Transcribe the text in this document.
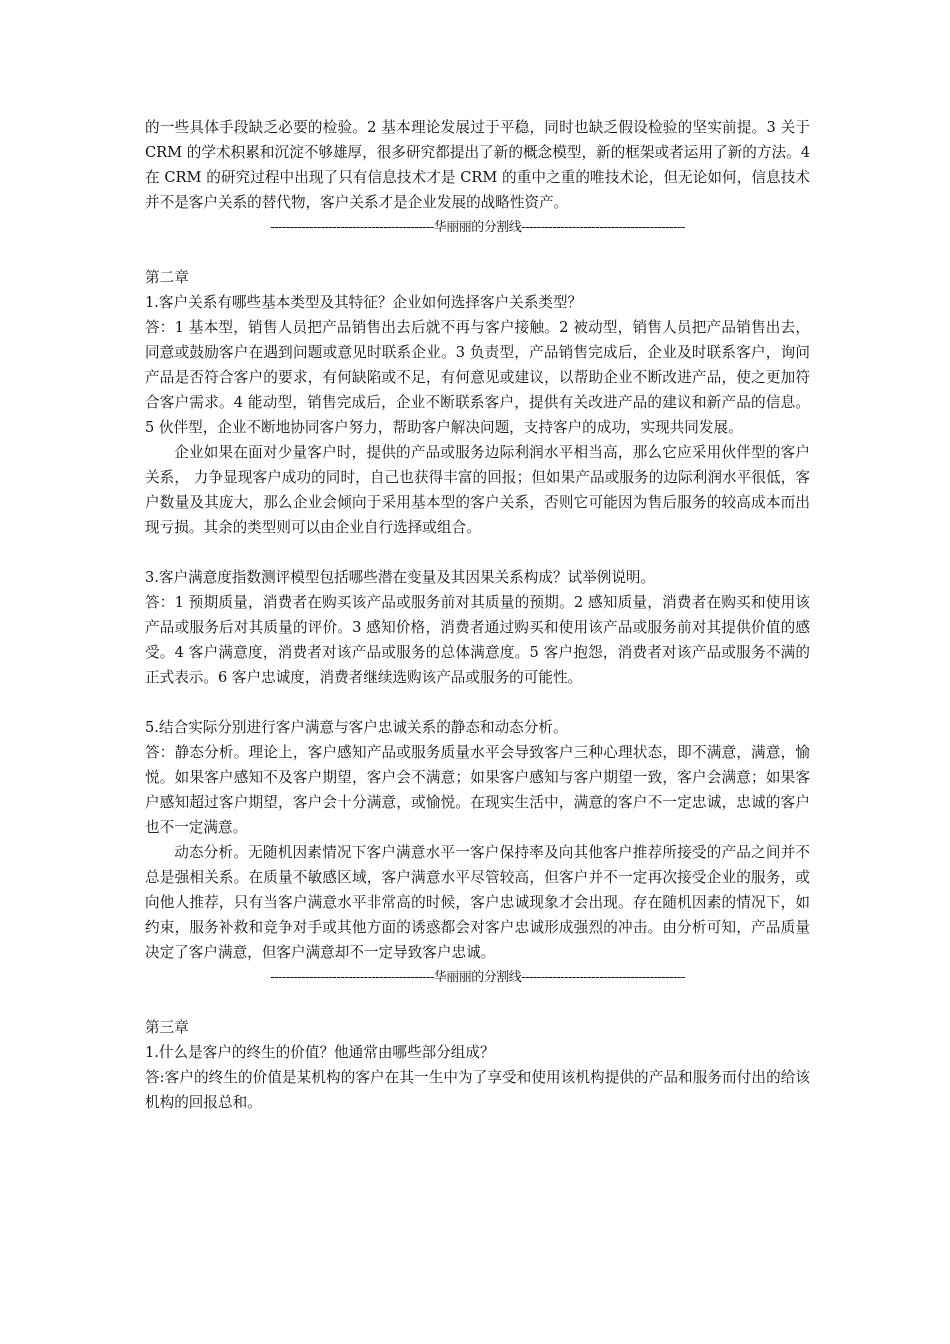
的一些具体手段缺乏必要的检验。2 基本理论发展过于平稳，同时也缺乏假设检验的坚实前提。3 关于 CRM 的学术积累和沉淀不够雄厚，很多研究都提出了新的概念模型，新的框架或者运用了新的方法。4 在 CRM 的研究过程中出现了只有信息技术才是 CRM 的重中之重的唯技术论，但无论如何，信息技术并不是客户关系的替代物，客户关系才是企业发展的战略性资产。

------------------------------------------华丽丽的分割线------------------------------------------

第二章

1.客户关系有哪些基本类型及其特征？企业如何选择客户关系类型？

答：1 基本型，销售人员把产品销售出去后就不再与客户接触。2 被动型，销售人员把产品销售出去，同意或鼓励客户在遇到问题或意见时联系企业。3 负责型，产品销售完成后，企业及时联系客户，询问产品是否符合客户的要求，有何缺陷或不足，有何意见或建议，以帮助企业不断改进产品，使之更加符合客户需求。4 能动型，销售完成后，企业不断联系客户，提供有关改进产品的建议和新产品的信息。5 伙伴型，企业不断地协同客户努力，帮助客户解决问题，支持客户的成功，实现共同发展。

企业如果在面对少量客户时，提供的产品或服务边际利润水平相当高，那么它应采用伙伴型的客户关系， 力争显现客户成功的同时，自己也获得丰富的回报；但如果产品或服务的边际利润水平很低，客户数量及其庞大，那么企业会倾向于采用基本型的客户关系，否则它可能因为售后服务的较高成本而出现亏损。其余的类型则可以由企业自行选择或组合。

3.客户满意度指数测评模型包括哪些潜在变量及其因果关系构成？试举例说明。

答：1 预期质量，消费者在购买该产品或服务前对其质量的预期。2 感知质量，消费者在购买和使用该产品或服务后对其质量的评价。3 感知价格，消费者通过购买和使用该产品或服务前对其提供价值的感受。4 客户满意度，消费者对该产品或服务的总体满意度。5 客户抱怨，消费者对该产品或服务不满的正式表示。6 客户忠诚度，消费者继续选购该产品或服务的可能性。

5.结合实际分别进行客户满意与客户忠诚关系的静态和动态分析。

答：静态分析。理论上，客户感知产品或服务质量水平会导致客户三种心理状态，即不满意，满意，愉悦。如果客户感知不及客户期望，客户会不满意；如果客户感知与客户期望一致，客户会满意；如果客户感知超过客户期望，客户会十分满意，或愉悦。在现实生活中，满意的客户不一定忠诚，忠诚的客户也不一定满意。

动态分析。无随机因素情况下客户满意水平一客户保持率及向其他客户推荐所接受的产品之间并不总是强相关系。在质量不敏感区域，客户满意水平尽管较高，但客户并不一定再次接受企业的服务，或向他人推荐，只有当客户满意水平非常高的时候，客户忠诚现象才会出现。存在随机因素的情况下，如约束，服务补救和竞争对手或其他方面的诱惑都会对客户忠诚形成强烈的冲击。由分析可知，产品质量决定了客户满意，但客户满意却不一定导致客户忠诚。

------------------------------------------华丽丽的分割线------------------------------------------

第三章

1.什么是客户的终生的价值？他通常由哪些部分组成？

答:客户的终生的价值是某机构的客户在其一生中为了享受和使用该机构提供的产品和服务而付出的给该机构的回报总和。
